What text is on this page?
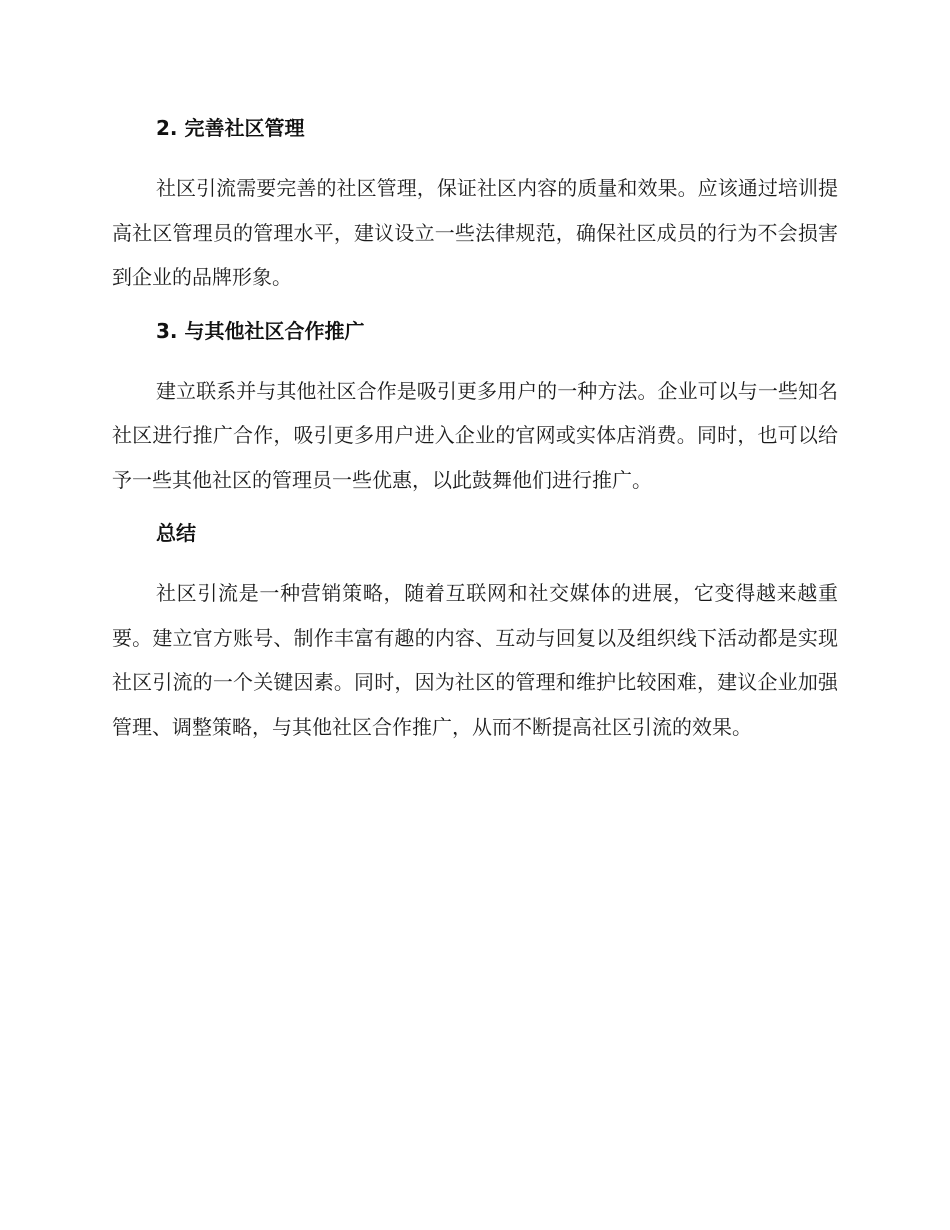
2. 完善社区管理

社区引流需要完善的社区管理，保证社区内容的质量和效果。应该通过培训提高社区管理员的管理水平，建议设立一些法律规范，确保社区成员的行为不会损害到企业的品牌形象。

3. 与其他社区合作推广

建立联系并与其他社区合作是吸引更多用户的一种方法。企业可以与一些知名社区进行推广合作，吸引更多用户进入企业的官网或实体店消费。同时，也可以给予一些其他社区的管理员一些优惠，以此鼓舞他们进行推广。

总结

社区引流是一种营销策略，随着互联网和社交媒体的进展，它变得越来越重要。建立官方账号、制作丰富有趣的内容、互动与回复以及组织线下活动都是实现社区引流的一个关键因素。同时，因为社区的管理和维护比较困难，建议企业加强管理、调整策略，与其他社区合作推广，从而不断提高社区引流的效果。
